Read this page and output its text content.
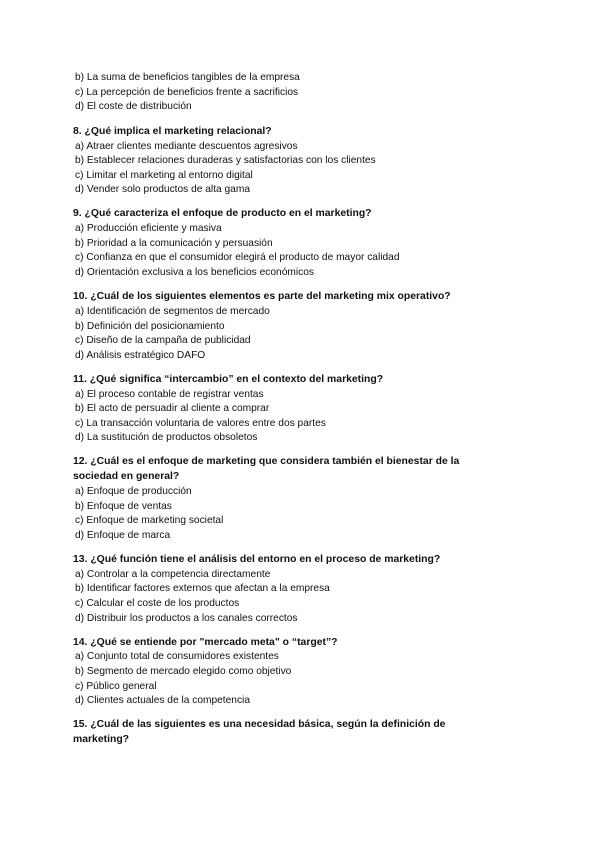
b) La suma de beneficios tangibles de la empresa
c) La percepción de beneficios frente a sacrificios
d) El coste de distribución
8. ¿Qué implica el marketing relacional?
a) Atraer clientes mediante descuentos agresivos
b) Establecer relaciones duraderas y satisfactorias con los clientes
c) Limitar el marketing al entorno digital
d) Vender solo productos de alta gama
9. ¿Qué caracteriza el enfoque de producto en el marketing?
a) Producción eficiente y masiva
b) Prioridad a la comunicación y persuasión
c) Confianza en que el consumidor elegirá el producto de mayor calidad
d) Orientación exclusiva a los beneficios económicos
10. ¿Cuál de los siguientes elementos es parte del marketing mix operativo?
a) Identificación de segmentos de mercado
b) Definición del posicionamiento
c) Diseño de la campaña de publicidad
d) Análisis estratégico DAFO
11. ¿Qué significa “intercambio” en el contexto del marketing?
a) El proceso contable de registrar ventas
b) El acto de persuadir al cliente a comprar
c) La transacción voluntaria de valores entre dos partes
d) La sustitución de productos obsoletos
12. ¿Cuál es el enfoque de marketing que considera también el bienestar de la
sociedad en general?
a) Enfoque de producción
b) Enfoque de ventas
c) Enfoque de marketing societal
d) Enfoque de marca
13. ¿Qué función tiene el análisis del entorno en el proceso de marketing?
a) Controlar a la competencia directamente
b) Identificar factores externos que afectan a la empresa
c) Calcular el coste de los productos
d) Distribuir los productos a los canales correctos
14. ¿Qué se entiende por "mercado meta" o “target”?
a) Conjunto total de consumidores existentes
b) Segmento de mercado elegido como objetivo
c) Público general
d) Clientes actuales de la competencia
15. ¿Cuál de las siguientes es una necesidad básica, según la definición de
marketing?
